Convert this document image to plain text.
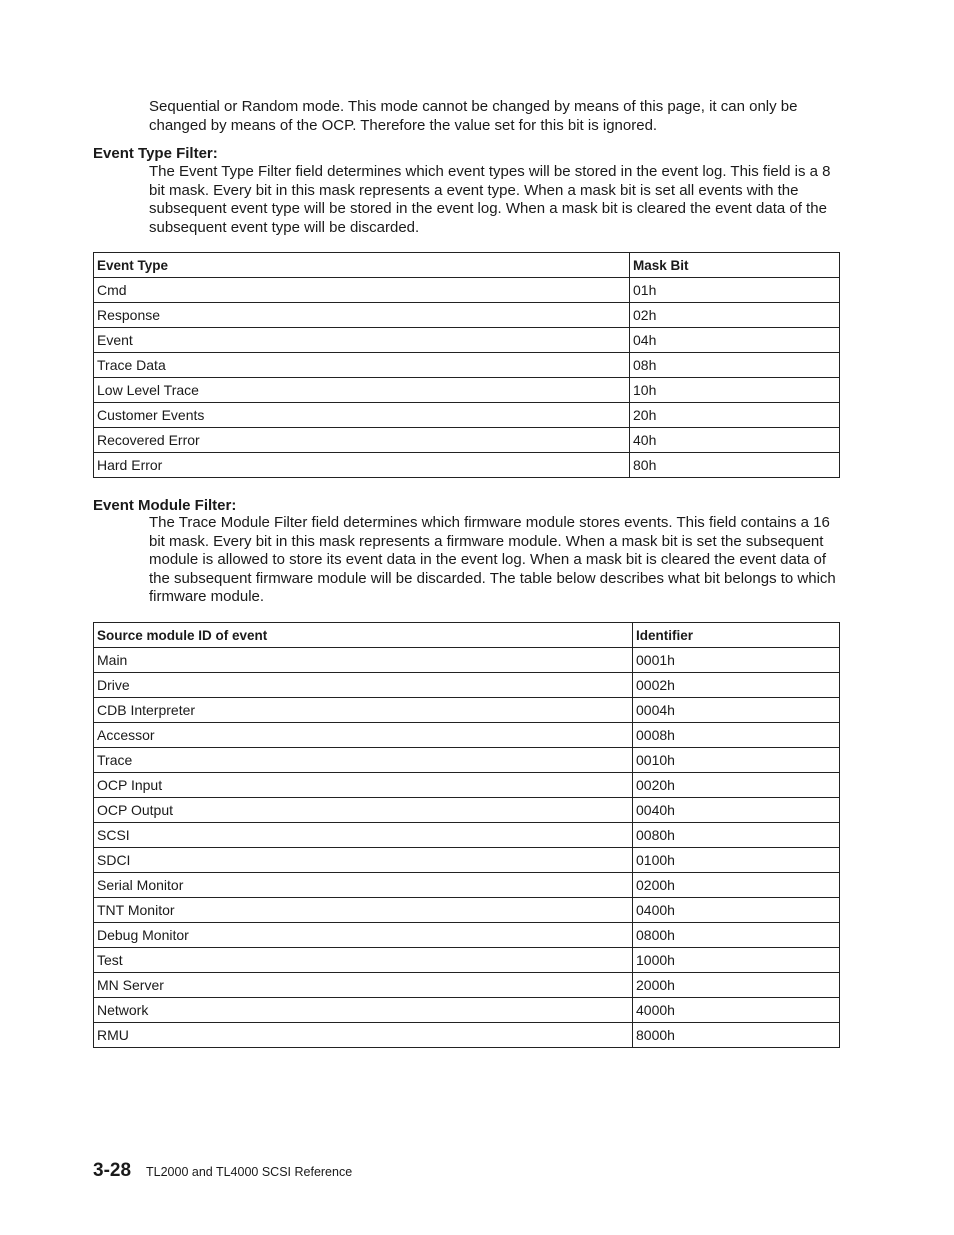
Sequential or Random mode. This mode cannot be changed by means of this page, it can only be changed by means of the OCP. Therefore the value set for this bit is ignored.

Event Type Filter:

The Event Type Filter field determines which event types will be stored in the event log. This field is a 8 bit mask. Every bit in this mask represents a event type. When a mask bit is set all events with the subsequent event type will be stored in the event log. When a mask bit is cleared the event data of the subsequent event type will be discarded.

Event Type	Mask Bit
Cmd	01h
Response	02h
Event	04h
Trace Data	08h
Low Level Trace	10h
Customer Events	20h
Recovered Error	40h
Hard Error	80h

Event Module Filter:

The Trace Module Filter field determines which firmware module stores events. This field contains a 16 bit mask. Every bit in this mask represents a firmware module. When a mask bit is set the subsequent module is allowed to store its event data in the event log. When a mask bit is cleared the event data of the subsequent firmware module will be discarded. The table below describes what bit belongs to which firmware module.

Source module ID of event	Identifier
Main	0001h
Drive	0002h
CDB Interpreter	0004h
Accessor	0008h
Trace	0010h
OCP Input	0020h
OCP Output	0040h
SCSI	0080h
SDCI	0100h
Serial Monitor	0200h
TNT Monitor	0400h
Debug Monitor	0800h
Test	1000h
MN Server	2000h
Network	4000h
RMU	8000h
3-28 TL2000 and TL4000 SCSI Reference
